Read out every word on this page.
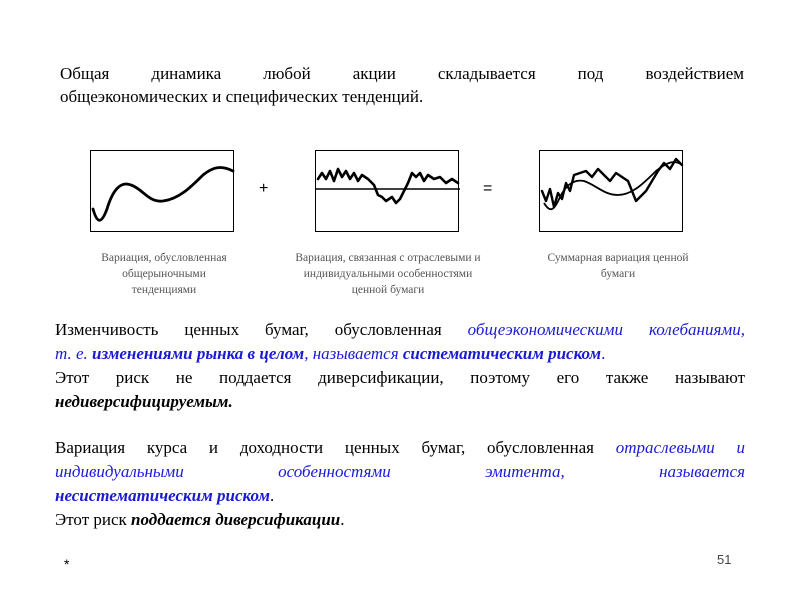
Общая динамика любой акции складывается под воздействием
общеэкономических и специфических тенденций.
+	=
Вариация, обусловленная
общерыночными
тенденциями
Вариация, связанная с отраслевыми и
индивидуальными особенностями
ценной бумаги
Суммарная вариация ценной
бумаги
Изменчивость ценных бумаг, обусловленная общеэкономическими колебаниями,
т. е. изменениями рынка в целом, называется систематическим риском.

Этот риск не поддается диверсификации, поэтому его также называют
недиверсифицируемым.
Вариация курса и доходности ценных бумаг, обусловленная отраслевыми и
индивидуальными особенностями эмитента, называется
несистематическим риском.
Этот риск поддается диверсификации.
*	51
